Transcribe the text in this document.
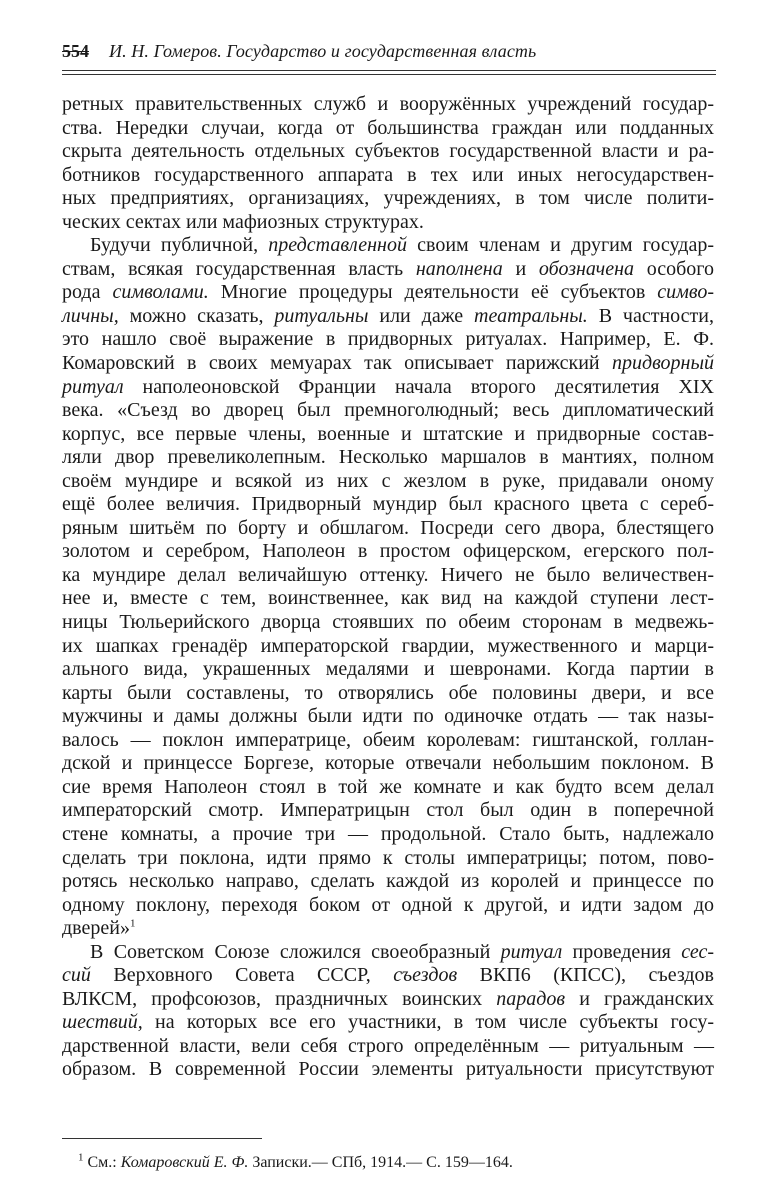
554 И. Н. Гомеров. Государство и государственная власть
ретных правительственных служб и вооружённых учреждений государ-
ства. Нередки случаи, когда от большинства граждан или подданных
скрыта деятельность отдельных субъектов государственной власти и ра-
ботников государственного аппарата в тех или иных негосударствен-
ных предприятиях, организациях, учреждениях, в том числе полити-
ческих сектах или мафиозных структурах.
Будучи публичной, представленной своим членам и другим государ-
ствам, всякая государственная власть наполнена и обозначена особого
рода символами. Многие процедуры деятельности её субъектов симво-
личны, можно сказать, ритуальны или даже театральны. В частности,
это нашло своё выражение в придворных ритуалах. Например, Е. Ф.
Комаровский в своих мемуарах так описывает парижский придворный
ритуал наполеоновской Франции начала второго десятилетия XIX
века. «Съезд во дворец был премноголюдный; весь дипломатический
корпус, все первые члены, военные и штатские и придворные состав-
ляли двор превеликолепным. Несколько маршалов в мантиях, полном
своём мундире и всякой из них с жезлом в руке, придавали оному
ещё более величия. Придворный мундир был красного цвета с сереб-
ряным шитьём по борту и обшлагом. Посреди сего двора, блестящего
золотом и серебром, Наполеон в простом офицерском, егерского пол-
ка мундире делал величайшую оттенку. Ничего не было величествен-
нее и, вместе с тем, воинственнее, как вид на каждой ступени лест-
ницы Тюльерийского дворца стоявших по обеим сторонам в медвежь-
их шапках гренадёр императорской гвардии, мужественного и марци-
ального вида, украшенных медалями и шевронами. Когда партии в
карты были составлены, то отворялись обе половины двери, и все
мужчины и дамы должны были идти по одиночке отдать — так назы-
валось — поклон императрице, обеим королевам: гиштанской, голлан-
дской и принцессе Боргезе, которые отвечали небольшим поклоном. В
сие время Наполеон стоял в той же комнате и как будто всем делал
императорский смотр. Императрицын стол был один в поперечной
стене комнаты, а прочие три — продольной. Стало быть, надлежало
сделать три поклона, идти прямо к столы императрицы; потом, пово-
ротясь несколько направо, сделать каждой из королей и принцессе по
одному поклону, переходя боком от одной к другой, и идти задом до
дверей»$^1$
В Советском Союзе сложился своеобразный ритуал проведения сес-
сий Верховного Совета СССР, съездов ВКП6 (КПСС), съездов
ВЛКСМ, профсоюзов, праздничных воинских парадов и гражданских
шествий, на которых все его участники, в том числе субъекты госу-
дарственной власти, вели себя строго определённым — ритуальным —
образом. В современной России элементы ритуальности присутствуют
$^1$ См.: Комаровский Е. Ф. Записки.— СПб, 1914.— С. 159—164.
